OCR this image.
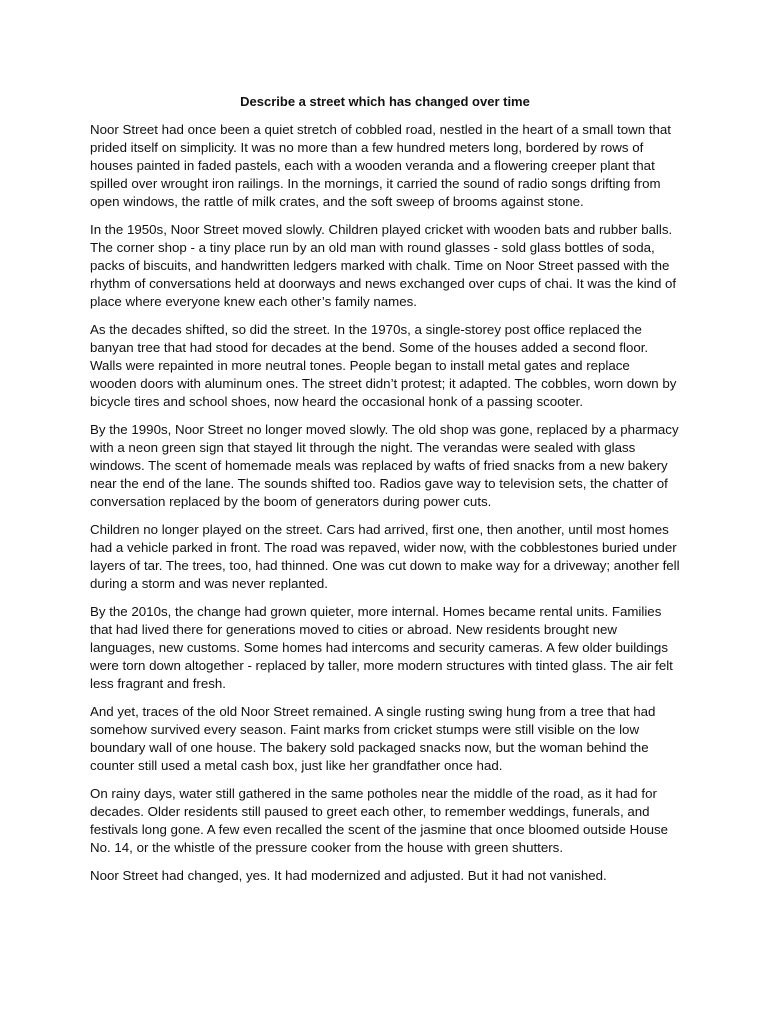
Describe a street which has changed over time

Noor Street had once been a quiet stretch of cobbled road, nestled in the heart of a small town that prided itself on simplicity. It was no more than a few hundred meters long, bordered by rows of houses painted in faded pastels, each with a wooden veranda and a flowering creeper plant that spilled over wrought iron railings. In the mornings, it carried the sound of radio songs drifting from open windows, the rattle of milk crates, and the soft sweep of brooms against stone.

In the 1950s, Noor Street moved slowly. Children played cricket with wooden bats and rubber balls. The corner shop - a tiny place run by an old man with round glasses - sold glass bottles of soda, packs of biscuits, and handwritten ledgers marked with chalk. Time on Noor Street passed with the rhythm of conversations held at doorways and news exchanged over cups of chai. It was the kind of place where everyone knew each other’s family names.

As the decades shifted, so did the street. In the 1970s, a single-storey post office replaced the banyan tree that had stood for decades at the bend. Some of the houses added a second floor. Walls were repainted in more neutral tones. People began to install metal gates and replace wooden doors with aluminum ones. The street didn’t protest; it adapted. The cobbles, worn down by bicycle tires and school shoes, now heard the occasional honk of a passing scooter.

By the 1990s, Noor Street no longer moved slowly. The old shop was gone, replaced by a pharmacy with a neon green sign that stayed lit through the night. The verandas were sealed with glass windows. The scent of homemade meals was replaced by wafts of fried snacks from a new bakery near the end of the lane. The sounds shifted too. Radios gave way to television sets, the chatter of conversation replaced by the boom of generators during power cuts.

Children no longer played on the street. Cars had arrived, first one, then another, until most homes had a vehicle parked in front. The road was repaved, wider now, with the cobblestones buried under layers of tar. The trees, too, had thinned. One was cut down to make way for a driveway; another fell during a storm and was never replanted.

By the 2010s, the change had grown quieter, more internal. Homes became rental units. Families that had lived there for generations moved to cities or abroad. New residents brought new languages, new customs. Some homes had intercoms and security cameras. A few older buildings were torn down altogether - replaced by taller, more modern structures with tinted glass. The air felt less fragrant and fresh.

And yet, traces of the old Noor Street remained. A single rusting swing hung from a tree that had somehow survived every season. Faint marks from cricket stumps were still visible on the low boundary wall of one house. The bakery sold packaged snacks now, but the woman behind the counter still used a metal cash box, just like her grandfather once had.

On rainy days, water still gathered in the same potholes near the middle of the road, as it had for decades. Older residents still paused to greet each other, to remember weddings, funerals, and festivals long gone. A few even recalled the scent of the jasmine that once bloomed outside House No. 14, or the whistle of the pressure cooker from the house with green shutters.

Noor Street had changed, yes. It had modernized and adjusted. But it had not vanished.
